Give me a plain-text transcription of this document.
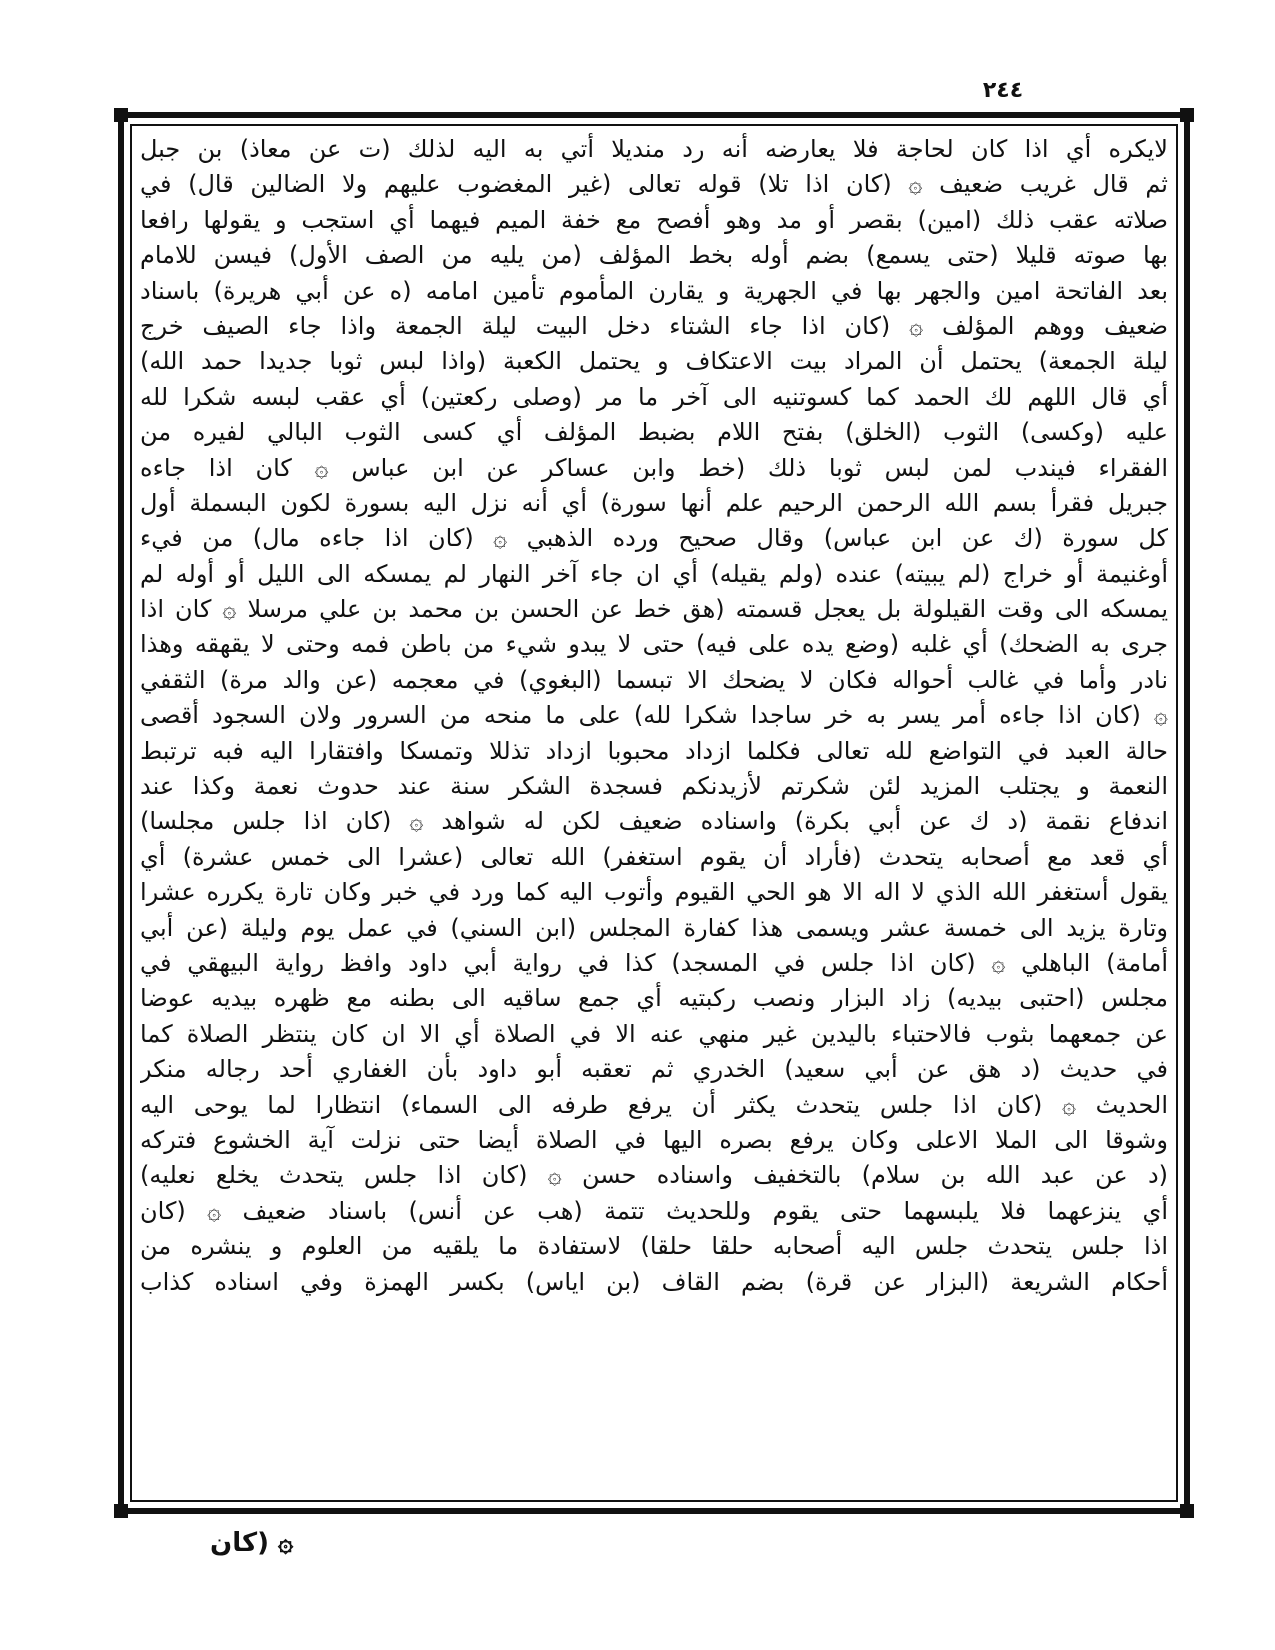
٢٤٤
لايكره أي اذا كان لحاجة فلا يعارضه أنه رد منديلا أتي به اليه لذلك (ت عن معاذ) بن جبل
ثم قال غريب ضعيف ۞ (كان اذا تلا) قوله تعالى (غير المغضوب عليهم ولا الضالين قال) في
صلاته عقب ذلك (امين) بقصر أو مد وهو أفصح مع خفة الميم فيهما أي استجب و يقولها رافعا
بها صوته قليلا (حتى يسمع) بضم أوله بخط المؤلف (من يليه من الصف الأول) فيسن للامام
بعد الفاتحة امين والجهر بها في الجهرية و يقارن المأموم تأمين امامه (ه عن أبي هريرة) باسناد
ضعيف ووهم المؤلف ۞ (كان اذا جاء الشتاء دخل البيت ليلة الجمعة واذا جاء الصيف خرج
ليلة الجمعة) يحتمل أن المراد بيت الاعتكاف و يحتمل الكعبة (واذا لبس ثوبا جديدا حمد الله)
أي قال اللهم لك الحمد كما كسوتنيه الى آخر ما مر (وصلى ركعتين) أي عقب لبسه شكرا لله
عليه (وكسى) الثوب (الخلق) بفتح اللام بضبط المؤلف أي كسى الثوب البالي لفيره من
الفقراء فيندب لمن لبس ثوبا ذلك (خط وابن عساكر عن ابن عباس ۞ كان اذا جاءه
جبريل فقرأ بسم الله الرحمن الرحيم علم أنها سورة) أي أنه نزل اليه بسورة لكون البسملة أول
كل سورة (ك عن ابن عباس) وقال صحيح ورده الذهبي ۞ (كان اذا جاءه مال) من فيء
أوغنيمة أو خراج (لم يبيته) عنده (ولم يقيله) أي ان جاء آخر النهار لم يمسكه الى الليل أو أوله لم
يمسكه الى وقت القيلولة بل يعجل قسمته (هق خط عن الحسن بن محمد بن علي مرسلا ۞ كان اذا
جرى به الضحك) أي غلبه (وضع يده على فيه) حتى لا يبدو شيء من باطن فمه وحتى لا يقهقه وهذا
نادر وأما في غالب أحواله فكان لا يضحك الا تبسما (البغوي) في معجمه (عن والد مرة) الثقفي
۞ (كان اذا جاءه أمر يسر به خر ساجدا شكرا لله) على ما منحه من السرور ولان السجود أقصى
حالة العبد في التواضع لله تعالى فكلما ازداد محبوبا ازداد تذللا وتمسكا وافتقارا اليه فبه ترتبط
النعمة و يجتلب المزيد لئن شكرتم لأزيدنكم فسجدة الشكر سنة عند حدوث نعمة وكذا عند
اندفاع نقمة (د ك عن أبي بكرة) واسناده ضعيف لكن له شواهد ۞ (كان اذا جلس مجلسا)
أي قعد مع أصحابه يتحدث (فأراد أن يقوم استغفر) الله تعالى (عشرا الى خمس عشرة) أي
يقول أستغفر الله الذي لا اله الا هو الحي القيوم وأتوب اليه كما ورد في خبر وكان تارة يكرره عشرا
وتارة يزيد الى خمسة عشر ويسمى هذا كفارة المجلس (ابن السني) في عمل يوم وليلة (عن أبي
أمامة) الباهلي ۞ (كان اذا جلس في المسجد) كذا في رواية أبي داود وافظ رواية البيهقي في
مجلس (احتبى بيديه) زاد البزار ونصب ركبتيه أي جمع ساقيه الى بطنه مع ظهره بيديه عوضا
عن جمعهما بثوب فالاحتباء باليدين غير منهي عنه الا في الصلاة أي الا ان كان ينتظر الصلاة كما
في حديث (د هق عن أبي سعيد) الخدري ثم تعقبه أبو داود بأن الغفاري أحد رجاله منكر
الحديث ۞ (كان اذا جلس يتحدث يكثر أن يرفع طرفه الى السماء) انتظارا لما يوحى اليه
وشوقا الى الملا الاعلى وكان يرفع بصره اليها في الصلاة أيضا حتى نزلت آية الخشوع فتركه
(د عن عبد الله بن سلام) بالتخفيف واسناده حسن ۞ (كان اذا جلس يتحدث يخلع نعليه)
أي ينزعهما فلا يلبسهما حتى يقوم وللحديث تتمة (هب عن أنس) باسناد ضعيف ۞ (كان
اذا جلس يتحدث جلس اليه أصحابه حلقا حلقا) لاستفادة ما يلقيه من العلوم و ينشره من
أحكام الشريعة (البزار عن قرة) بضم القاف (بن اياس) بكسر الهمزة وفي اسناده كذاب
۞ (كان
